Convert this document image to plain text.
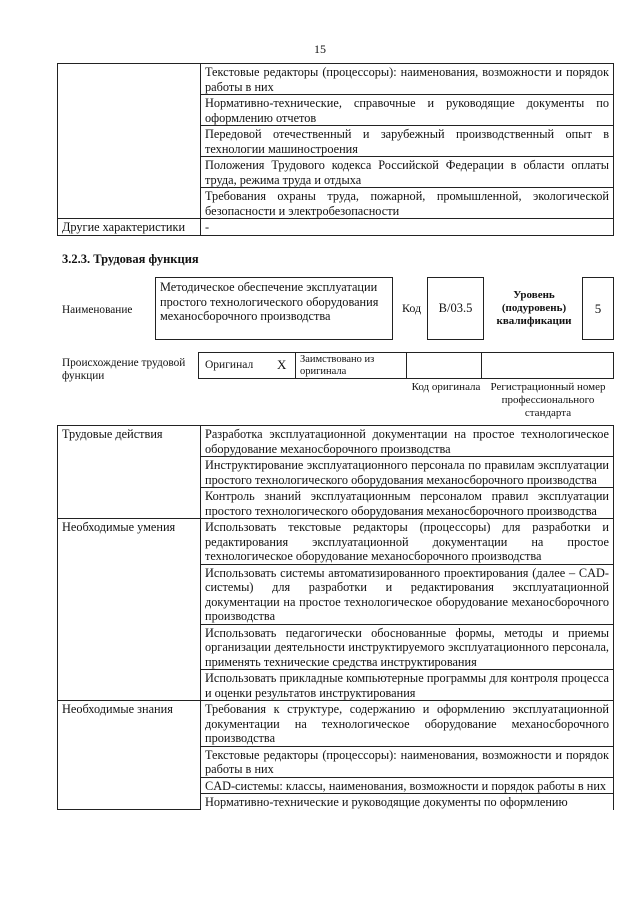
15
	Текстовые редакторы (процессоры): наименования, возможности и порядок работы в них
	Нормативно-технические, справочные и руководящие документы по оформлению отчетов
	Передовой отечественный и зарубежный производственный опыт в технологии машиностроения
	Положения Трудового кодекса Российской Федерации в области оплаты труда, режима труда и отдыха
	Требования охраны труда, пожарной, промышленной, экологической безопасности и электробезопасности
Другие характеристики	-
3.2.3. Трудовая функция
Наименование
Методическое обеспечение эксплуатации простого технологического оборудования механосборочного производства
Код	B/03.5
Уровень (подуровень) квалификации
5
Происхождение трудовой функции
Оригинал X Заимствовано из оригинала
Код оригинала Регистрационный номер профессионального стандарта
Трудовые действия	Разработка эксплуатационной документации на простое технологическое оборудование механосборочного производства
	Инструктирование эксплуатационного персонала по правилам эксплуатации простого технологического оборудования механосборочного производства
	Контроль знаний эксплуатационным персоналом правил эксплуатации простого технологического оборудования механосборочного производства
Необходимые умения	Использовать текстовые редакторы (процессоры) для разработки и редактирования эксплуатационной документации на простое технологическое оборудование механосборочного производства
	Использовать системы автоматизированного проектирования (далее – CAD-системы) для разработки и редактирования эксплуатационной документации на простое технологическое оборудование механосборочного производства
	Использовать педагогически обоснованные формы, методы и приемы организации деятельности инструктируемого эксплуатационного персонала, применять технические средства инструктирования
	Использовать прикладные компьютерные программы для контроля процесса и оценки результатов инструктирования
Необходимые знания	Требования к структуре, содержанию и оформлению эксплуатационной документации на технологическое оборудование механосборочного производства
	Текстовые редакторы (процессоры): наименования, возможности и порядок работы в них
	CAD-системы: классы, наименования, возможности и порядок работы в них
	Нормативно-технические и руководящие документы по оформлению
